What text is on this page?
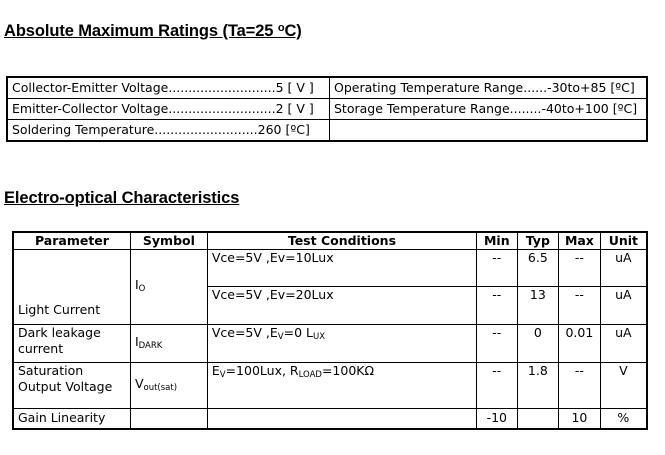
Absolute Maximum Ratings (Ta=25 $^o$C)
Collector-Emitter Voltage...........................5 [ V ]	Operating Temperature Range......-30to+85 [ºC]
Emitter-Collector Voltage...........................2 [ V ]	Storage Temperature Range........-40to+100 [ºC]
Soldering Temperature..........................260 [ºC]	
Electro-optical Characteristics
Parameter	Symbol	Test Conditions	Min	Typ	Max	Unit
Light Current	$I_O$	Vce=5V ,Ev=10Lux	--	6.5	--	uA
		Vce=5V ,Ev=20Lux	--	13	--	uA
Dark leakage current	$I_{DARK}$	Vce=5V $,E_V=0$ $L_{UX}$	--	0	0.01	uA
Saturation Output Voltage	$V_{out(sat)}$	$E_V=100Lux$, $R_{LOAD}=100K\Omega$	--	1.8	--	V
Gain Linearity			-10		10	%
